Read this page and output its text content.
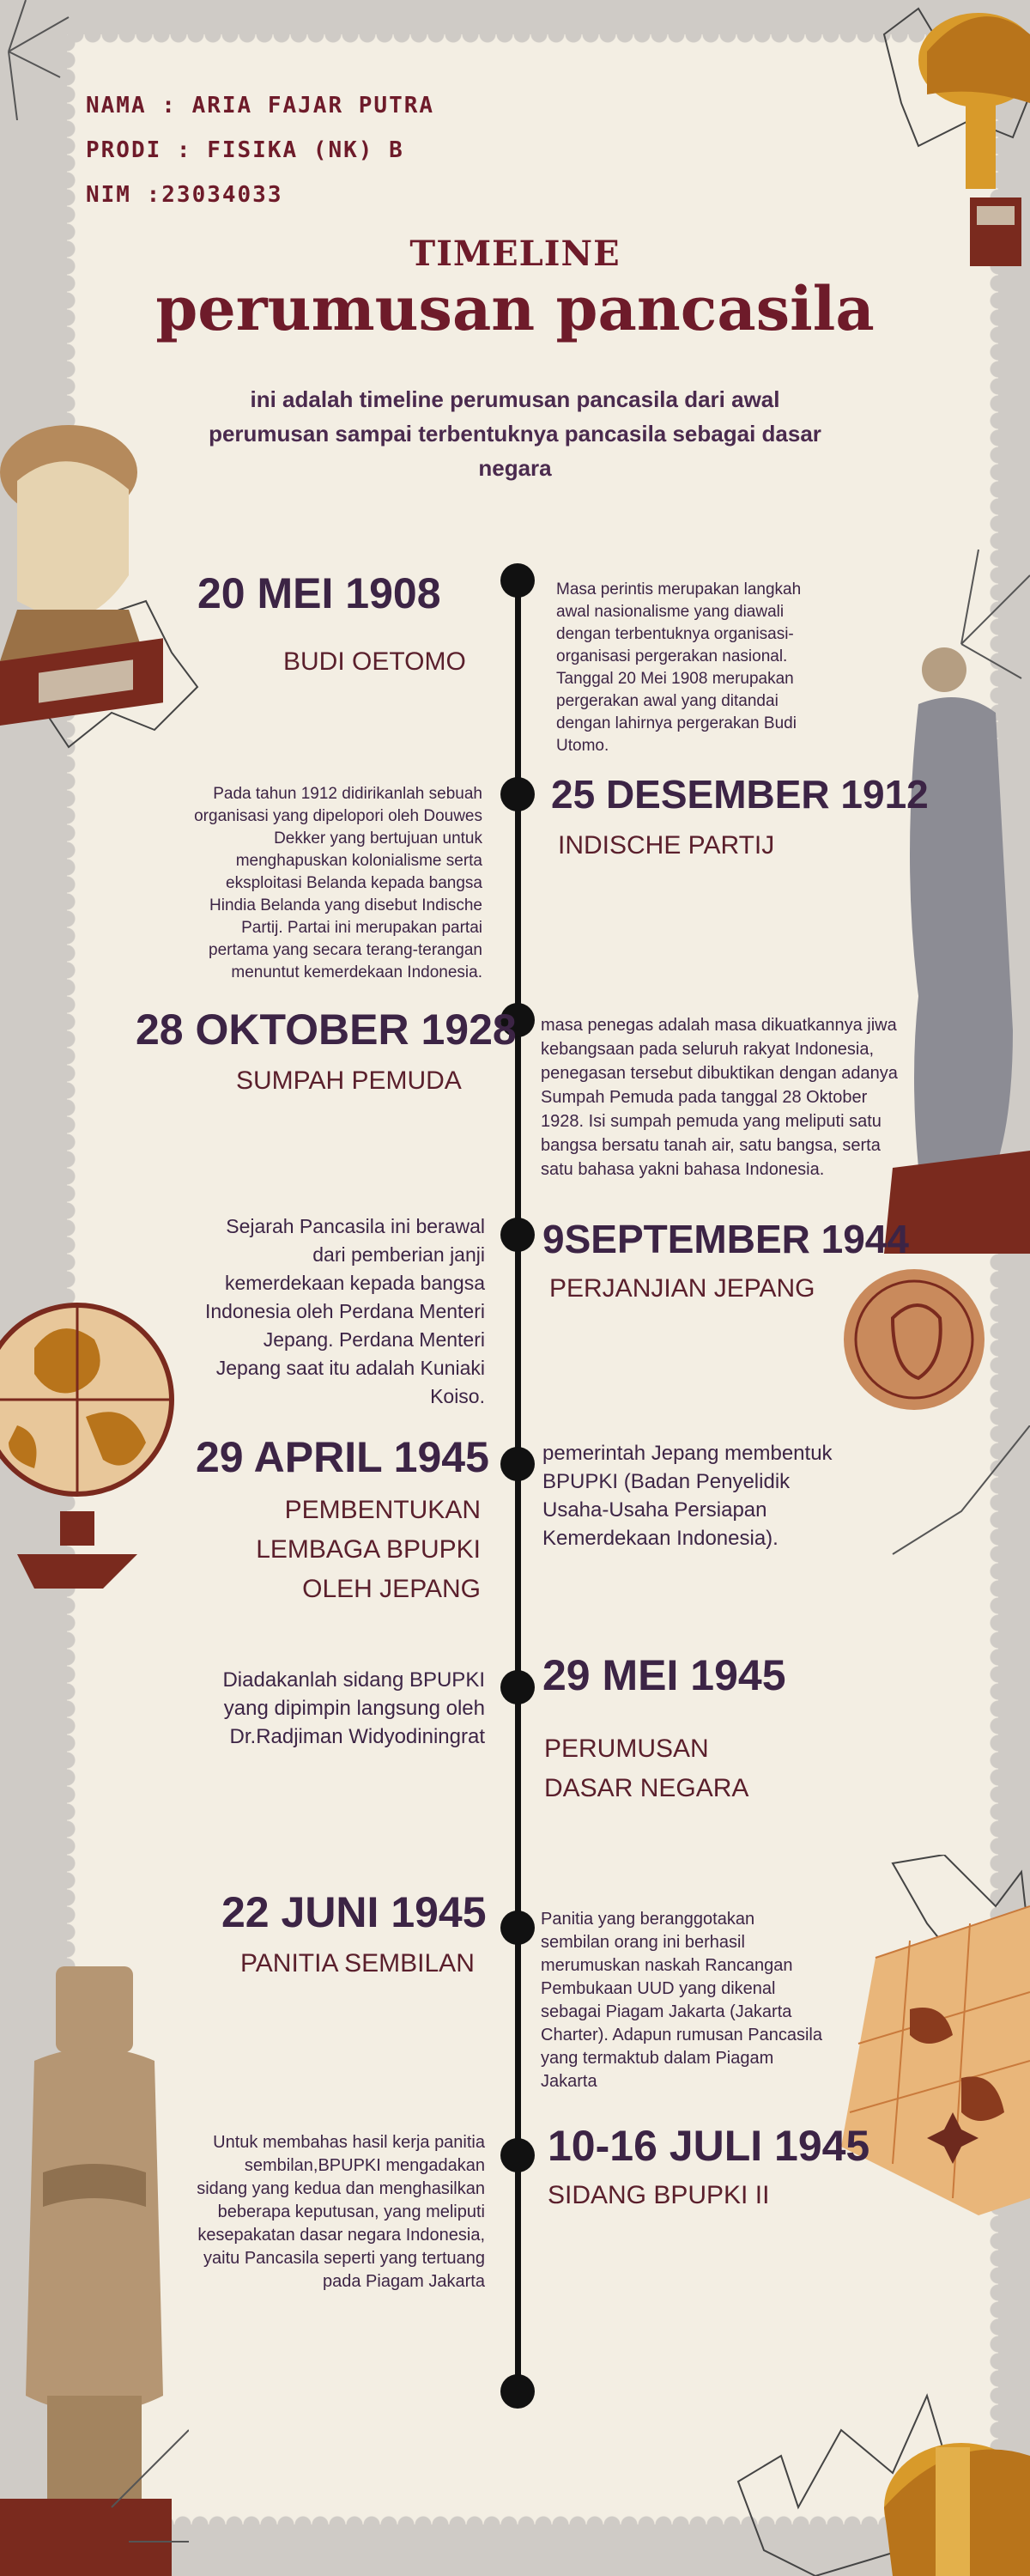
NAMA : ARIA FAJAR PUTRA
PRODI : FISIKA (NK) B
NIM :23034033
TIMELINE
perumusan pancasila
ini adalah timeline perumusan pancasila dari awal perumusan sampai terbentuknya pancasila sebagai dasar negara
20 MEI 1908
BUDI OETOMO
Masa perintis merupakan langkah awal nasionalisme yang diawali dengan terbentuknya organisasi-organisasi pergerakan nasional. Tanggal 20 Mei 1908 merupakan pergerakan awal yang ditandai dengan lahirnya pergerakan Budi Utomo.
Pada tahun 1912 didirikanlah sebuah organisasi yang dipelopori oleh Douwes Dekker yang bertujuan untuk menghapuskan kolonialisme serta eksploitasi Belanda kepada bangsa Hindia Belanda yang disebut Indische Partij. Partai ini merupakan partai pertama yang secara terang-terangan menuntut kemerdekaan Indonesia.
25 DESEMBER 1912
INDISCHE PARTIJ
28 OKTOBER 1928
SUMPAH PEMUDA
masa penegas adalah masa dikuatkannya jiwa kebangsaan pada seluruh rakyat Indonesia, penegasan tersebut dibuktikan dengan adanya Sumpah Pemuda pada tanggal 28 Oktober 1928. Isi sumpah pemuda yang meliputi satu bangsa bersatu tanah air, satu bangsa, serta satu bahasa yakni bahasa Indonesia.
Sejarah Pancasila ini berawal dari pemberian janji kemerdekaan kepada bangsa Indonesia oleh Perdana Menteri Jepang. Perdana Menteri Jepang saat itu adalah Kuniaki Koiso.
9SEPTEMBER 1944
PERJANJIAN JEPANG
29 APRIL 1945
PEMBENTUKAN
LEMBAGA BPUPKI
OLEH JEPANG
pemerintah Jepang membentuk BPUPKI (Badan Penyelidik Usaha-Usaha Persiapan Kemerdekaan Indonesia).
Diadakanlah sidang BPUPKI yang dipimpin langsung oleh Dr.Radjiman Widyodiningrat
29 MEI 1945
PERUMUSAN
DASAR NEGARA
22 JUNI 1945
PANITIA SEMBILAN
Panitia yang beranggotakan sembilan orang ini berhasil merumuskan naskah Rancangan Pembukaan UUD yang dikenal sebagai Piagam Jakarta (Jakarta Charter). Adapun rumusan Pancasila yang termaktub dalam Piagam Jakarta
Untuk membahas hasil kerja panitia sembilan,BPUPKI mengadakan sidang yang kedua dan menghasilkan beberapa keputusan, yang meliputi kesepakatan dasar negara Indonesia, yaitu Pancasila seperti yang tertuang pada Piagam Jakarta
10-16 JULI 1945
SIDANG BPUPKI II
